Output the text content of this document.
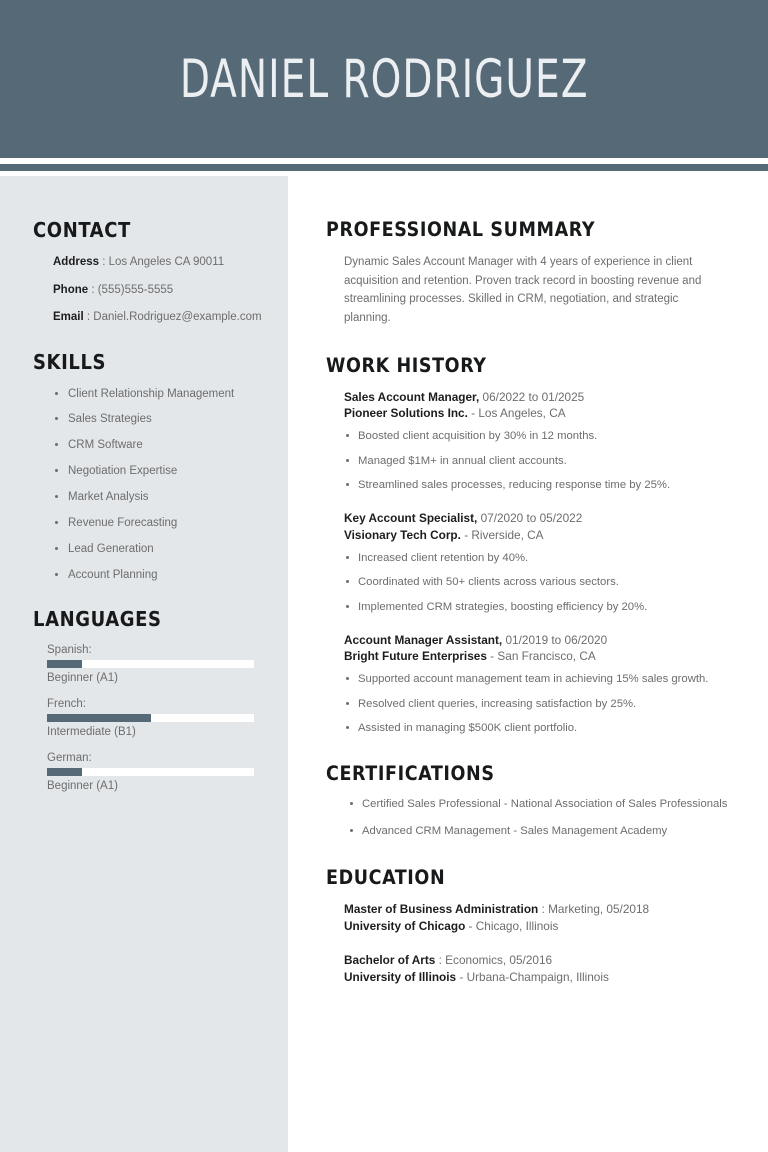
DANIEL RODRIGUEZ
CONTACT
Address : Los Angeles CA 90011
Phone : (555)555-5555
Email : Daniel.Rodriguez@example.com
SKILLS
Client Relationship Management
Sales Strategies
CRM Software
Negotiation Expertise
Market Analysis
Revenue Forecasting
Lead Generation
Account Planning
LANGUAGES
Spanish:
Beginner (A1)
French:
Intermediate (B1)
German:
Beginner (A1)
PROFESSIONAL SUMMARY

Dynamic Sales Account Manager with 4 years of experience in client acquisition and retention. Proven track record in boosting revenue and streamlining processes. Skilled in CRM, negotiation, and strategic planning.

WORK HISTORY
Sales Account Manager, 06/2022 to 01/2025
Pioneer Solutions Inc. - Los Angeles, CA
Boosted client acquisition by 30% in 12 months.
Managed $1M+ in annual client accounts.
Streamlined sales processes, reducing response time by 25%.
Key Account Specialist, 07/2020 to 05/2022
Visionary Tech Corp. - Riverside, CA
Increased client retention by 40%.
Coordinated with 50+ clients across various sectors.
Implemented CRM strategies, boosting efficiency by 20%.
Account Manager Assistant, 01/2019 to 06/2020
Bright Future Enterprises - San Francisco, CA
Supported account management team in achieving 15% sales growth.
Resolved client queries, increasing satisfaction by 25%.
Assisted in managing $500K client portfolio.
CERTIFICATIONS
Certified Sales Professional - National Association of Sales Professionals
Advanced CRM Management - Sales Management Academy
EDUCATION
Master of Business Administration : Marketing, 05/2018
University of Chicago - Chicago, Illinois
Bachelor of Arts : Economics, 05/2016
University of Illinois - Urbana-Champaign, Illinois
